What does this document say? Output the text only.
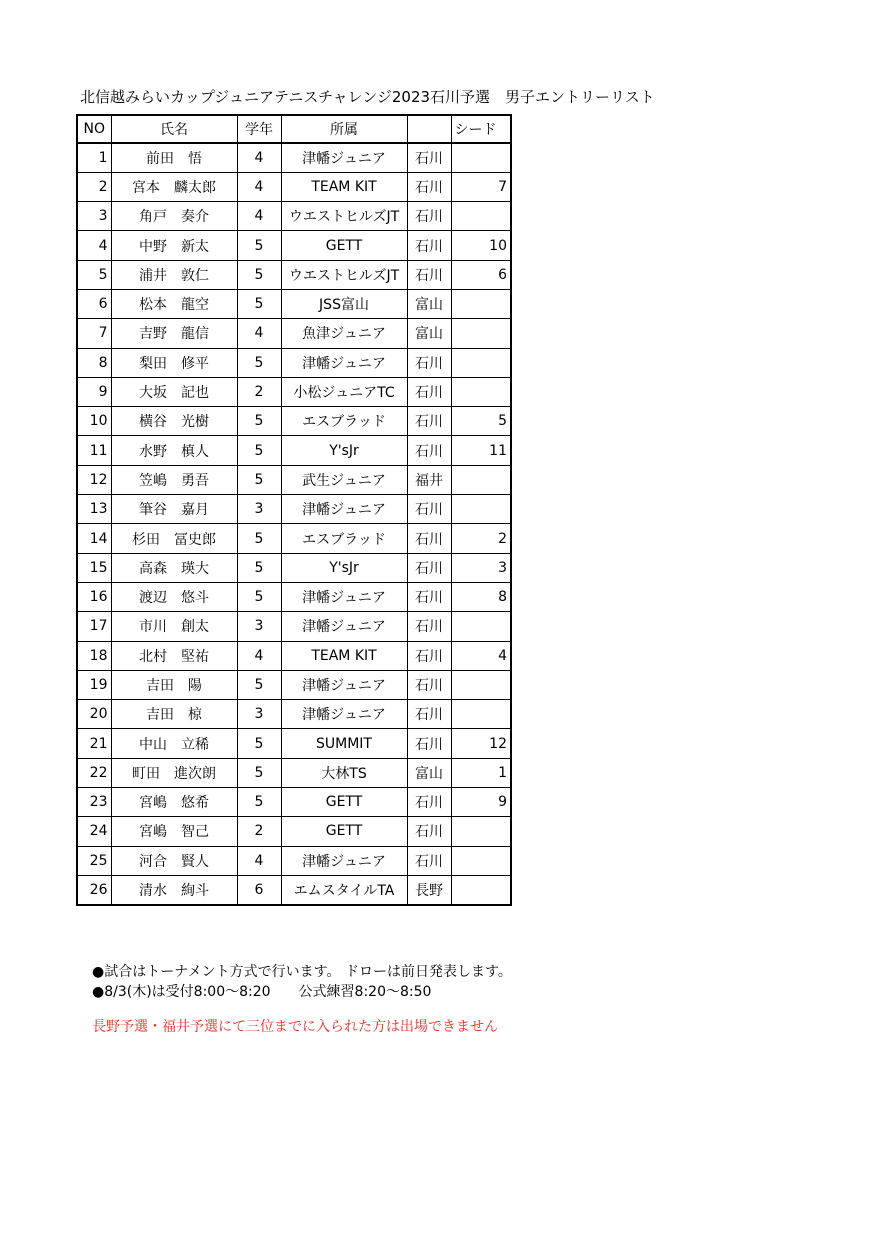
北信越みらいカップジュニアテニスチャレンジ2023石川予選　男子エントリーリスト
NO	氏名	学年	所属		シード
1	前田　悟	4	津幡ジュニア	石川	
2	宮本　麟太郎	4	TEAM KIT	石川	7
3	角戸　奏介	4	ウエストヒルズJT	石川	
4	中野　新太	5	GETT	石川	10
5	浦井　敦仁	5	ウエストヒルズJT	石川	6
6	松本　龍空	5	JSS富山	富山	
7	吉野　龍信	4	魚津ジュニア	富山	
8	梨田　修平	5	津幡ジュニア	石川	
9	大坂　記也	2	小松ジュニアTC	石川	
10	横谷　光樹	5	エスブラッド	石川	5
11	水野　槙人	5	Y'sJr	石川	11
12	笠嶋　勇吾	5	武生ジュニア	福井	
13	筆谷　嘉月	3	津幡ジュニア	石川	
14	杉田　冨史郎	5	エスブラッド	石川	2
15	高森　瑛大	5	Y'sJr	石川	3
16	渡辺　悠斗	5	津幡ジュニア	石川	8
17	市川　創太	3	津幡ジュニア	石川	
18	北村　堅祐	4	TEAM KIT	石川	4
19	吉田　陽	5	津幡ジュニア	石川	
20	吉田　椋	3	津幡ジュニア	石川	
21	中山　立稀	5	SUMMIT	石川	12
22	町田　進次朗	5	大林TS	富山	1
23	宮嶋　悠希	5	GETT	石川	9
24	宮嶋　智己	2	GETT	石川	
25	河合　賢人	4	津幡ジュニア	石川	
26	清水　絢斗	6	エムスタイルTA	長野	
●試合はトーナメント方式で行います。 ドローは前日発表します。
●8/3(木)は受付8:00～8:20　　公式練習8:20～8:50
長野予選・福井予選にて三位までに入られた方は出場できません
